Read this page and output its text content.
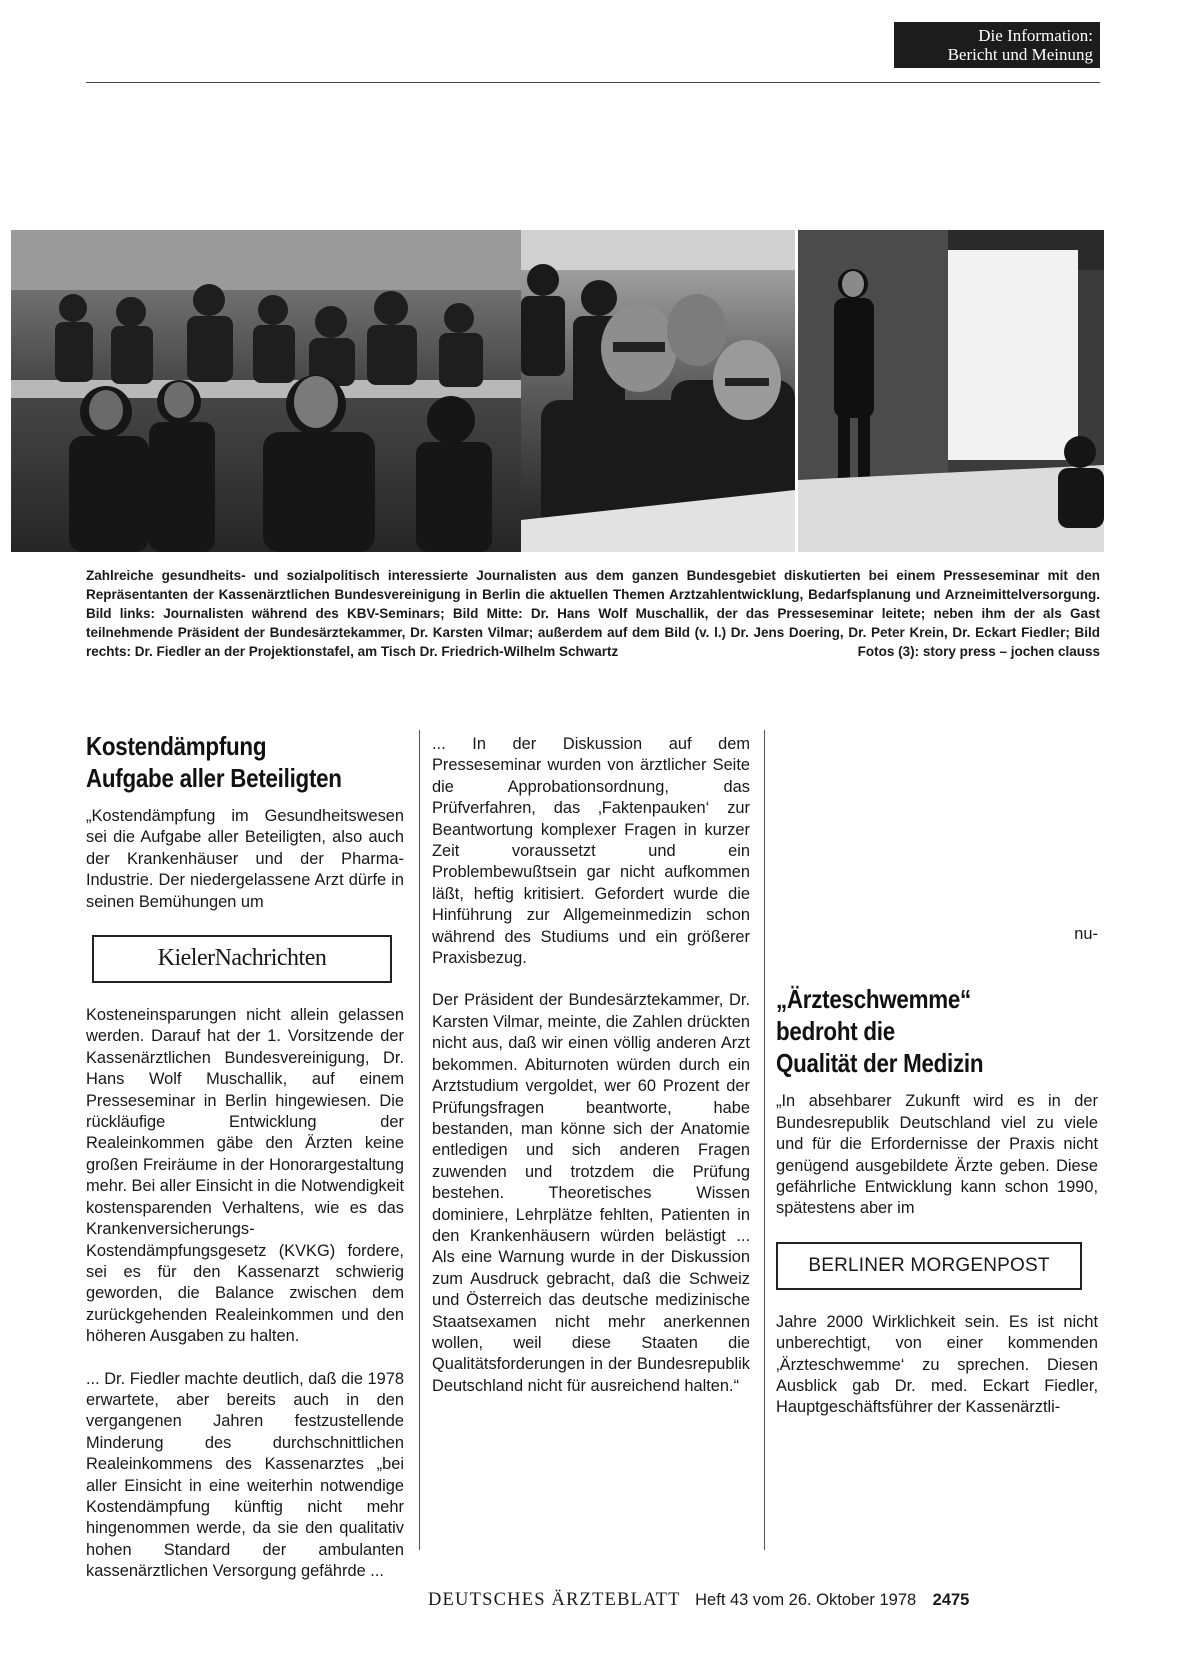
Die Information:
Bericht und Meinung
Zahlreiche gesundheits- und sozialpolitisch interessierte Journalisten aus dem ganzen Bundesgebiet diskutierten bei einem Presseseminar mit den Repräsentanten der Kassenärztlichen Bundesvereinigung in Berlin die aktuellen Themen Arztzahlentwicklung, Bedarfsplanung und Arzneimittelversorgung. Bild links: Journalisten während des KBV-Seminars; Bild Mitte: Dr. Hans Wolf Muschallik, der das Presseseminar leitete; neben ihm der als Gast teilnehmende Präsident der Bundesärztekammer, Dr. Karsten Vilmar; außerdem auf dem Bild (v. l.) Dr. Jens Doering, Dr. Peter Krein, Dr. Eckart Fiedler; Bild rechts: Dr. Fiedler an der Projektionstafel, am Tisch Dr. Friedrich-Wilhelm Schwartz	Fotos (3): story press – jochen clauss
Kostendämpfung
Aufgabe aller Beteiligten

„Kostendämpfung im Gesundheitswesen sei die Aufgabe aller Beteiligten, also auch der Krankenhäuser und der Pharma-Industrie. Der niedergelassene Arzt dürfe in seinen Bemühungen um

KielerNachrichten

Kosteneinsparungen nicht allein gelassen werden. Darauf hat der 1. Vorsitzende der Kassenärztlichen Bundesvereinigung, Dr. Hans Wolf Muschallik, auf einem Presseseminar in Berlin hingewiesen. Die rückläufige Entwicklung der Realeinkommen gäbe den Ärzten keine großen Freiräume in der Honorargestaltung mehr. Bei aller Einsicht in die Notwendigkeit kostensparenden Verhaltens, wie es das Krankenversicherungs-Kostendämpfungsgesetz (KVKG) fordere, sei es für den Kassenarzt schwierig geworden, die Balance zwischen dem zurückgehenden Realeinkommen und den höheren Ausgaben zu halten.

... Dr. Fiedler machte deutlich, daß die 1978 erwartete, aber bereits auch in den vergangenen Jahren festzustellende Minderung des durchschnittlichen Realeinkommens des Kassenarztes „bei aller Einsicht in eine weiterhin notwendige Kostendämpfung künftig nicht mehr hingenommen werde, da sie den qualitativ hohen Standard der ambulanten kassenärztlichen Versorgung gefährde ...

... In der Diskussion auf dem Presseseminar wurden von ärztlicher Seite die Approbationsordnung, das Prüfverfahren, das ‚Faktenpauken‘ zur Beantwortung komplexer Fragen in kurzer Zeit voraussetzt und ein Problembewußtsein gar nicht aufkommen läßt, heftig kritisiert. Gefordert wurde die Hinführung zur Allgemeinmedizin schon während des Studiums und ein größerer Praxisbezug.

Der Präsident der Bundesärztekammer, Dr. Karsten Vilmar, meinte, die Zahlen drückten nicht aus, daß wir einen völlig anderen Arzt bekommen. Abiturnoten würden durch ein Arztstudium vergoldet, wer 60 Prozent der Prüfungsfragen beantworte, habe bestanden, man könne sich der Anatomie entledigen und sich anderen Fragen zuwenden und trotzdem die Prüfung bestehen. Theoretisches Wissen dominiere, Lehrplätze fehlten, Patienten in den Krankenhäusern würden belästigt ... Als eine Warnung wurde in der Diskussion zum Ausdruck gebracht, daß die Schweiz und Österreich das deutsche medizinische Staatsexamen nicht mehr anerkennen wollen, weil diese Staaten die Qualitätsforderungen in der Bundesrepublik Deutschland nicht für ausreichend halten.“

nu-
„Ärzteschwemme“
bedroht die
Qualität der Medizin

„In absehbarer Zukunft wird es in der Bundesrepublik Deutschland viel zu viele und für die Erfordernisse der Praxis nicht genügend ausgebildete Ärzte geben. Diese gefährliche Entwicklung kann schon 1990, spätestens aber im

BERLINER MORGENPOST

Jahre 2000 Wirklichkeit sein. Es ist nicht unberechtigt, von einer kommenden ‚Ärzteschwemme‘ zu sprechen. Diesen Ausblick gab Dr. med. Eckart Fiedler, Hauptgeschäftsführer der Kassenärztli-

DEUTSCHES ÄRZTEBLATT Heft 43 vom 26. Oktober 1978 2475
